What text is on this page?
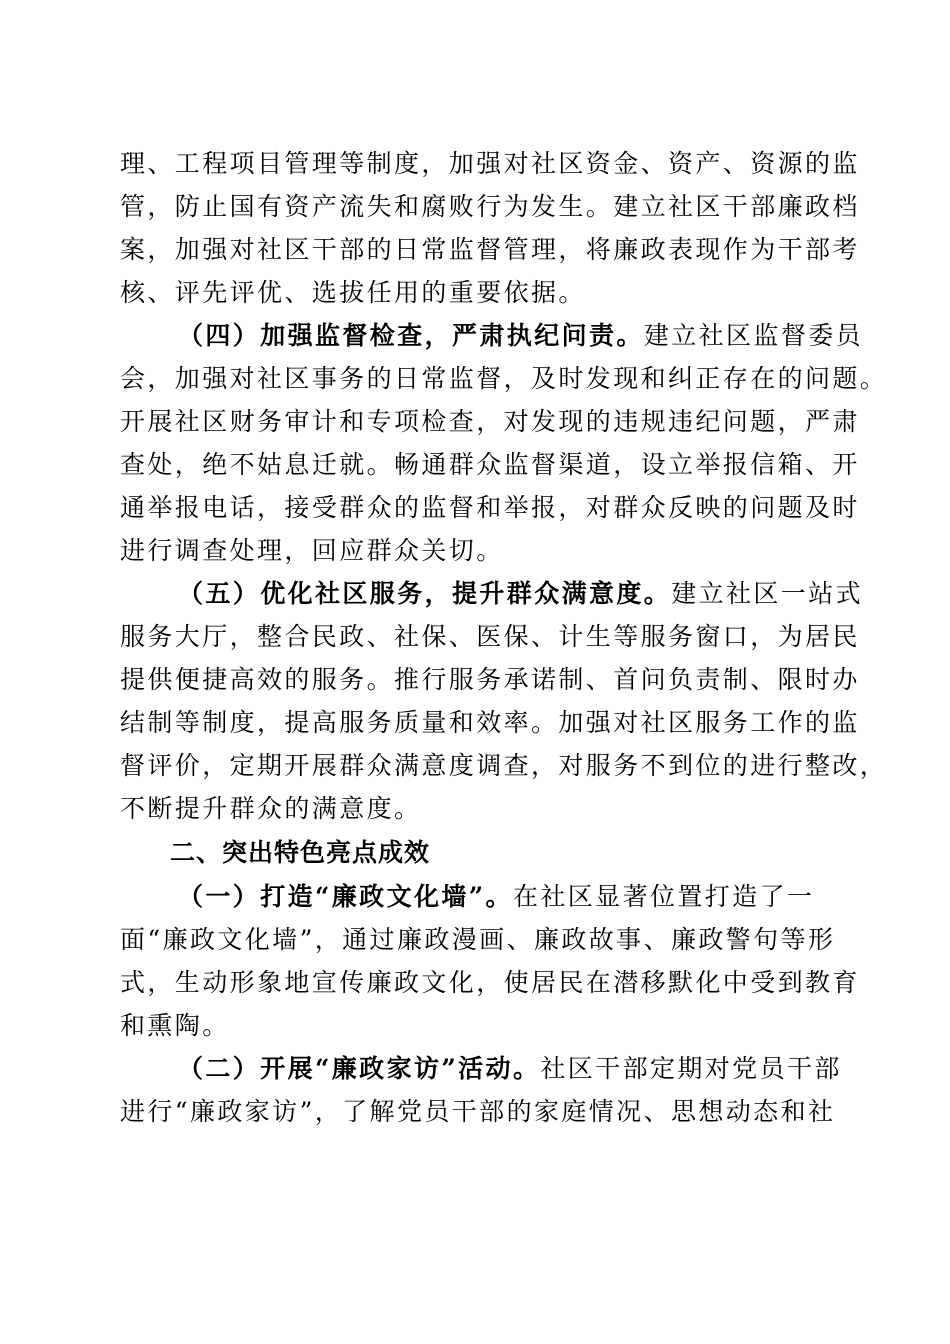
理、工程项目管理等制度，加强对社区资金、资产、资源的监
管，防止国有资产流失和腐败行为发生。建立社区干部廉政档
案，加强对社区干部的日常监督管理，将廉政表现作为干部考
核、评先评优、选拔任用的重要依据。
（四）加强监督检查，严肃执纪问责。建立社区监督委员
会，加强对社区事务的日常监督，及时发现和纠正存在的问题。
开展社区财务审计和专项检查，对发现的违规违纪问题，严肃
查处，绝不姑息迁就。畅通群众监督渠道，设立举报信箱、开
通举报电话，接受群众的监督和举报，对群众反映的问题及时
进行调查处理，回应群众关切。
（五）优化社区服务，提升群众满意度。建立社区一站式
服务大厅，整合民政、社保、医保、计生等服务窗口，为居民
提供便捷高效的服务。推行服务承诺制、首问负责制、限时办
结制等制度，提高服务质量和效率。加强对社区服务工作的监
督评价，定期开展群众满意度调查，对服务不到位的进行整改，
不断提升群众的满意度。
二、突出特色亮点成效
（一）打造“廉政文化墙”。在社区显著位置打造了一
面“廉政文化墙”，通过廉政漫画、廉政故事、廉政警句等形
式，生动形象地宣传廉政文化，使居民在潜移默化中受到教育
和熏陶。
（二）开展“廉政家访”活动。社区干部定期对党员干部
进行“廉政家访”，了解党员干部的家庭情况、思想动态和社
